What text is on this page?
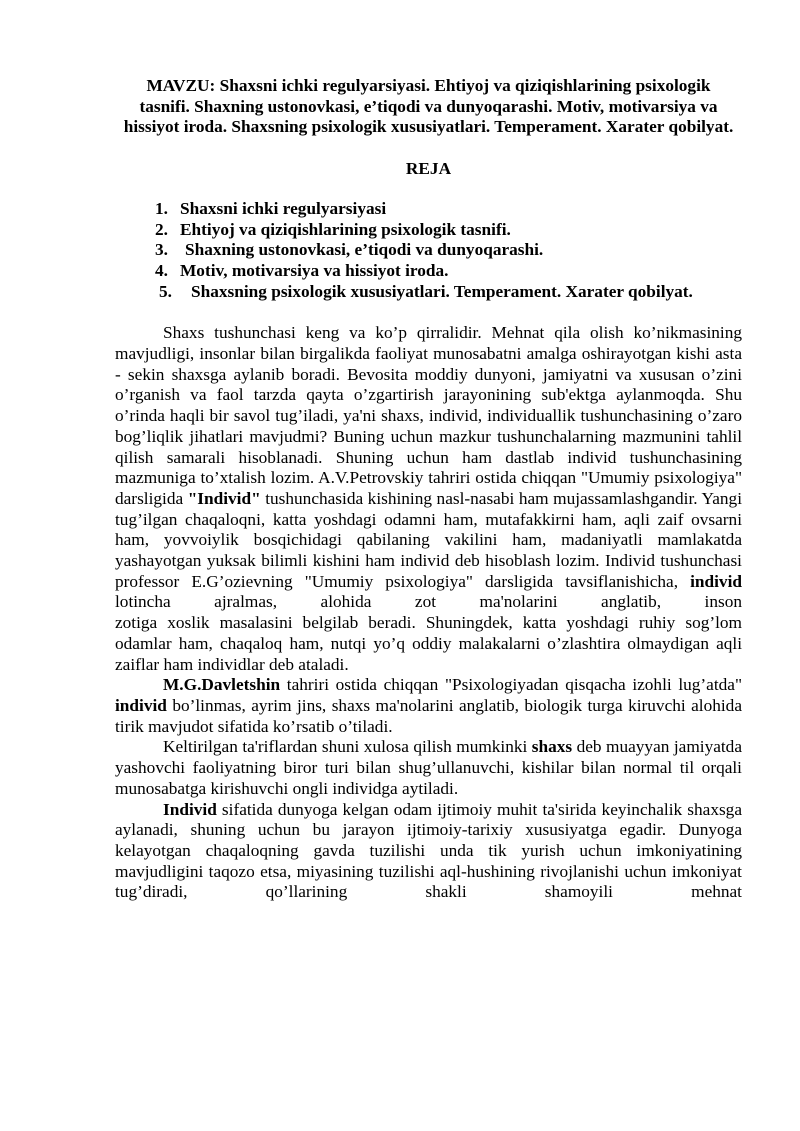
MAVZU: Shaxsni ichki regulyarsiyasi. Ehtiyoj va qiziqishlarining psixologik tasnifi. Shaxning ustonovkasi, e’tiqodi va dunyoqarashi. Motiv, motivarsiya va hissiyot iroda. Shaxsning psixologik xususiyatlari. Temperament. Xarater qobilyat.

REJA

1. Shaxsni ichki regulyarsiyasi
2. Ehtiyoj va qiziqishlarining psixologik tasnifi.
3. Shaxning ustonovkasi, e’tiqodi va dunyoqarashi.
4. Motiv, motivarsiya va hissiyot iroda.
5.	Shaxsning psixologik xususiyatlari. Temperament. Xarater qobilyat.

Shaxs tushunchasi keng va ko’p qirralidir. Mehnat qila olish ko’nikmasining mavjudligi, insonlar bilan birgalikda faoliyat munosabatni amalga oshirayotgan kishi asta - sekin shaxsga aylanib boradi. Bevosita moddiy dunyoni, jamiyatni va xususan o’zini o’rganish va faol tarzda qayta o’zgartirish jarayonining sub'ektga aylanmoqda. Shu o’rinda haqli bir savol tug’iladi, ya'ni shaxs, individ, individuallik tushunchasining o’zaro bog’liqlik jihatlari mavjudmi? Buning uchun mazkur tushunchalarning mazmunini tahlil qilish samarali hisoblanadi. Shuning uchun ham dastlab individ tushunchasining mazmuniga to’xtalish lozim. A.V.Petrovskiy tahriri ostida chiqqan "Umumiy psixologiya" darsligida "Individ" tushunchasida kishining nasl-nasabi ham mujassamlashgandir. Yangi tug’ilgan chaqaloqni, katta yoshdagi odamni ham, mutafakkirni ham, aqli zaif ovsarni ham, yovvoiylik bosqichidagi qabilaning vakilini ham, madaniyatli mamlakatda yashayotgan yuksak bilimli kishini ham individ deb hisoblash lozim. Individ tushunchasi professor E.G’ozievning "Umumiy psixologiya" darsligida tavsiflanishicha, individ lotincha ajralmas, alohida zot ma'nolarini anglatib, inson

zotiga xoslik masalasini belgilab beradi. Shuningdek, katta yoshdagi ruhiy sog’lom odamlar ham, chaqaloq ham, nutqi yo’q oddiy malakalarni o’zlashtira olmaydigan aqli zaiflar ham individlar deb ataladi.

M.G.Davletshin tahriri ostida chiqqan "Psixologiyadan qisqacha izohli lug’atda" individ bo’linmas, ayrim jins, shaxs ma'nolarini anglatib, biologik turga kiruvchi alohida tirik mavjudot sifatida ko’rsatib o’tiladi.

Keltirilgan ta'riflardan shuni xulosa qilish mumkinki shaxs deb muayyan jamiyatda yashovchi faoliyatning biror turi bilan shug’ullanuvchi, kishilar bilan normal til orqali munosabatga kirishuvchi ongli individga aytiladi.

Individ sifatida dunyoga kelgan odam ijtimoiy muhit ta'sirida keyinchalik shaxsga aylanadi, shuning uchun bu jarayon ijtimoiy-tarixiy xususiyatga egadir. Dunyoga kelayotgan chaqaloqning gavda tuzilishi unda tik yurish uchun imkoniyatining mavjudligini taqozo etsa, miyasining tuzilishi aql-hushining rivojlanishi uchun imkoniyat tug’diradi, qo’llarining shakli shamoyili mehnat
